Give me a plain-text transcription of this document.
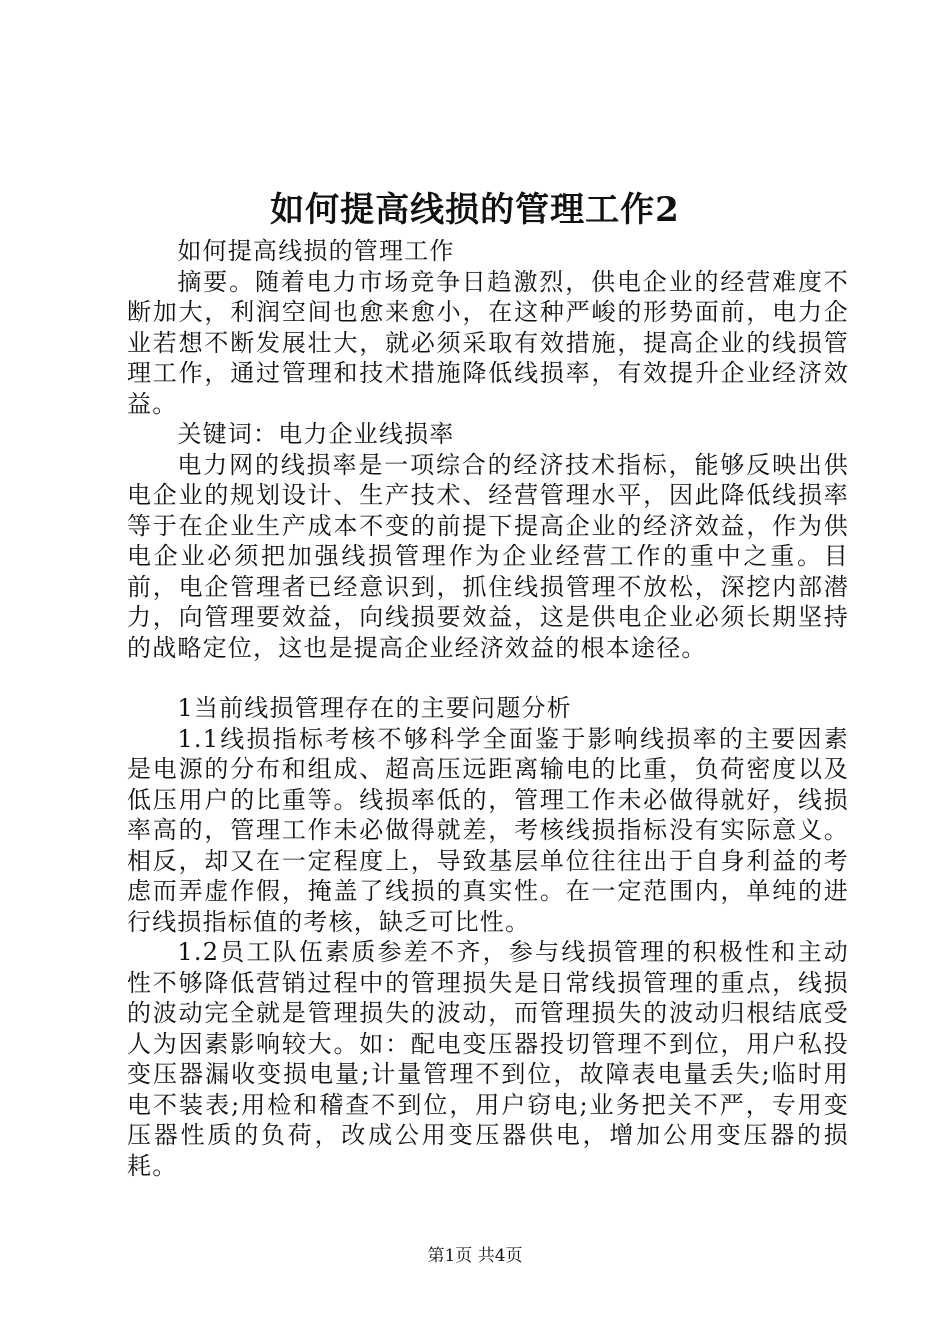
如何提高线损的管理工作2

如何提高线损的管理工作

摘要。随着电力市场竞争日趋激烈，供电企业的经营难度不断加大，利润空间也愈来愈小，在这种严峻的形势面前，电力企业若想不断发展壮大，就必须采取有效措施，提高企业的线损管理工作，通过管理和技术措施降低线损率，有效提升企业经济效益。

关键词：电力企业线损率

电力网的线损率是一项综合的经济技术指标，能够反映出供电企业的规划设计、生产技术、经营管理水平，因此降低线损率等于在企业生产成本不变的前提下提高企业的经济效益，作为供电企业必须把加强线损管理作为企业经营工作的重中之重。目前，电企管理者已经意识到，抓住线损管理不放松，深挖内部潜力，向管理要效益，向线损要效益，这是供电企业必须长期坚持的战略定位，这也是提高企业经济效益的根本途径。

1当前线损管理存在的主要问题分析

1.1线损指标考核不够科学全面鉴于影响线损率的主要因素是电源的分布和组成、超高压远距离输电的比重，负荷密度以及低压用户的比重等。线损率低的，管理工作未必做得就好，线损率高的，管理工作未必做得就差，考核线损指标没有实际意义。相反，却又在一定程度上，导致基层单位往往出于自身利益的考虑而弄虚作假，掩盖了线损的真实性。在一定范围内，单纯的进行线损指标值的考核，缺乏可比性。

1.2员工队伍素质参差不齐，参与线损管理的积极性和主动性不够降低营销过程中的管理损失是日常线损管理的重点，线损的波动完全就是管理损失的波动，而管理损失的波动归根结底受人为因素影响较大。如：配电变压器投切管理不到位，用户私投变压器漏收变损电量;计量管理不到位，故障表电量丢失;临时用电不装表;用检和稽查不到位，用户窃电;业务把关不严，专用变压器性质的负荷，改成公用变压器供电，增加公用变压器的损耗。

第1页 共4页
